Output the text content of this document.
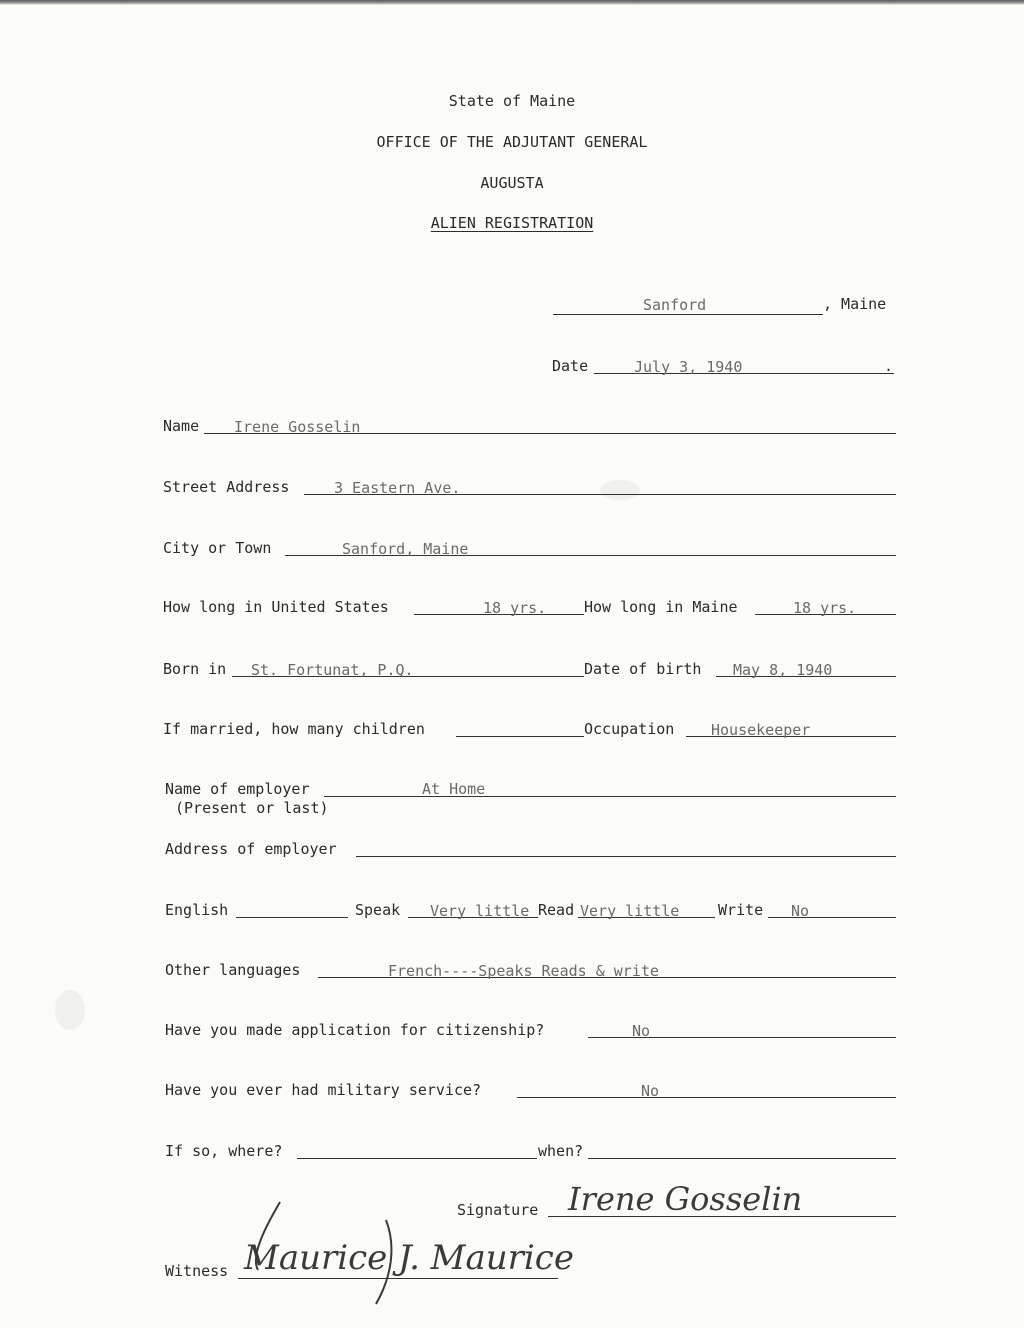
State of Maine
OFFICE OF THE ADJUTANT GENERAL
AUGUSTA
ALIEN REGISTRATION
Sanford	, Maine
Date	July 3, 1940	.
Name Irene Gosselin
Street Address	3 Eastern Ave.
City or Town	Sanford, Maine
How long in United States	18 yrs.	How long in Maine	18 yrs.
Born in St. Fortunat, P.Q.	Date of birth May 8, 1940
If married, how many children	Occupation Housekeeper
Name of employer
(Present or last)
At Home
Address of employer
English	Speak Very little Read Very little	Write No
Other languages	French----Speaks Reads & write
Have you made application for citizenship?	No
Have you ever had military service?	No
If so, where?	when?
Signature Irene Gosselin
Witness Maurice J. Maurice
